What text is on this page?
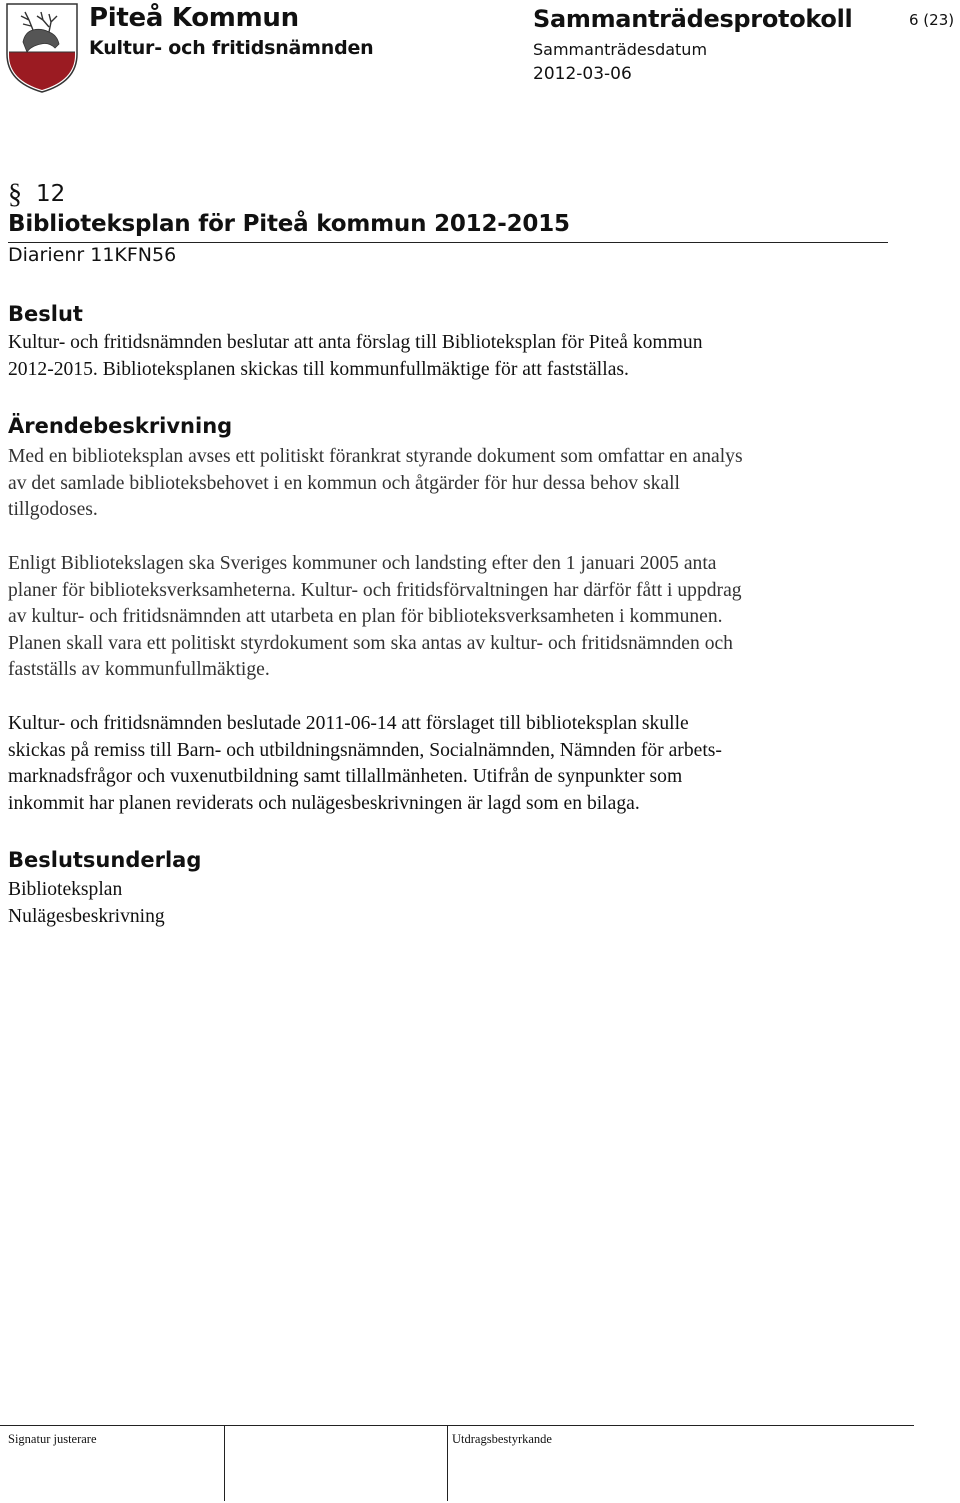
Piteå Kommun
Kultur- och fritidsnämnden
Sammanträdesprotokoll
Sammanträdesdatum
2012-03-06
6 (23)
§ 12
Biblioteksplan för Piteå kommun 2012-2015
Diarienr 11KFN56
Beslut
Kultur- och fritidsnämnden beslutar att anta förslag till Biblioteksplan för Piteå kommun
2012-2015. Biblioteksplanen skickas till kommunfullmäktige för att fastställas.
Ärendebeskrivning
Med en biblioteksplan avses ett politiskt förankrat styrande dokument som omfattar en analys
av det samlade biblioteksbehovet i en kommun och åtgärder för hur dessa behov skall
tillgodoses.
Enligt Bibliotekslagen ska Sveriges kommuner och landsting efter den 1 januari 2005 anta
planer för biblioteksverksamheterna. Kultur- och fritidsförvaltningen har därför fått i uppdrag
av kultur- och fritidsnämnden att utarbeta en plan för biblioteksverksamheten i kommunen.
Planen skall vara ett politiskt styrdokument som ska antas av kultur- och fritidsnämnden och
fastställs av kommunfullmäktige.
Kultur- och fritidsnämnden beslutade 2011-06-14 att förslaget till biblioteksplan skulle
skickas på remiss till Barn- och utbildningsnämnden, Socialnämnden, Nämnden för arbets-
marknadsfrågor och vuxenutbildning samt tillallmänheten. Utifrån de synpunkter som
inkommit har planen reviderats och nulägesbeskrivningen är lagd som en bilaga.
Beslutsunderlag
Biblioteksplan
Nulägesbeskrivning
Signatur justerare	Utdragsbestyrkande
